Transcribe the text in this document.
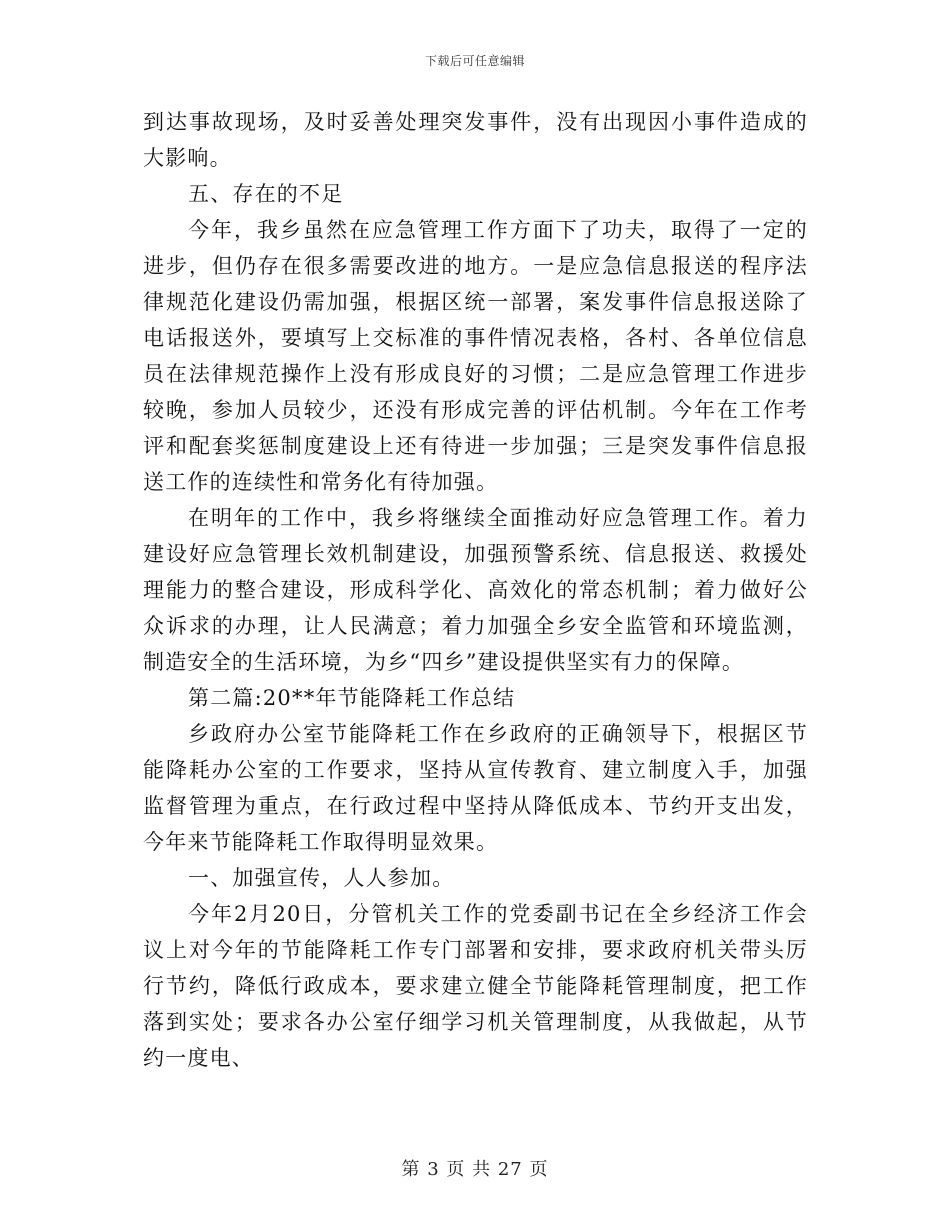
下载后可任意编辑

到达事故现场，及时妥善处理突发事件，没有出现因小事件造成的大影响。

五、存在的不足

今年，我乡虽然在应急管理工作方面下了功夫，取得了一定的进步，但仍存在很多需要改进的地方。一是应急信息报送的程序法律规范化建设仍需加强，根据区统一部署，案发事件信息报送除了电话报送外，要填写上交标准的事件情况表格，各村、各单位信息员在法律规范操作上没有形成良好的习惯；二是应急管理工作进步较晚，参加人员较少，还没有形成完善的评估机制。今年在工作考评和配套奖惩制度建设上还有待进一步加强；三是突发事件信息报送工作的连续性和常务化有待加强。

在明年的工作中，我乡将继续全面推动好应急管理工作。着力建设好应急管理长效机制建设，加强预警系统、信息报送、救援处理能力的整合建设，形成科学化、高效化的常态机制；着力做好公众诉求的办理，让人民满意；着力加强全乡安全监管和环境监测，制造安全的生活环境，为乡“四乡”建设提供坚实有力的保障。

第二篇:20**年节能降耗工作总结

乡政府办公室节能降耗工作在乡政府的正确领导下，根据区节能降耗办公室的工作要求，坚持从宣传教育、建立制度入手，加强监督管理为重点，在行政过程中坚持从降低成本、节约开支出发，今年来节能降耗工作取得明显效果。

一、加强宣传，人人参加。

今年2月20日，分管机关工作的党委副书记在全乡经济工作会议上对今年的节能降耗工作专门部署和安排，要求政府机关带头厉行节约，降低行政成本，要求建立健全节能降耗管理制度，把工作落到实处；要求各办公室仔细学习机关管理制度，从我做起，从节约一度电、

第 3 页 共 27 页
